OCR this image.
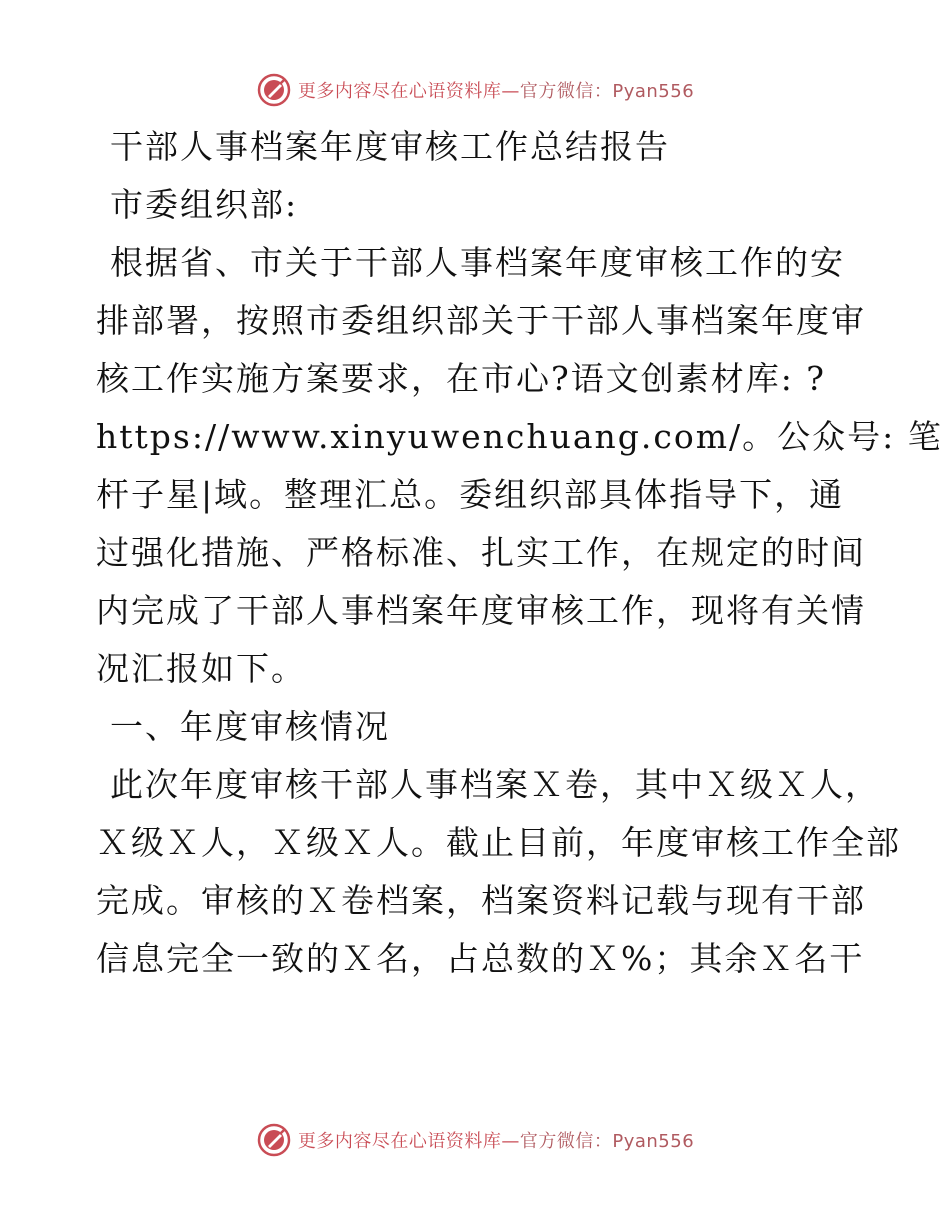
更多内容尽在心语资料库—官方微信：Pyan556
干部人事档案年度审核工作总结报告
市委组织部:
根据省、市关于干部人事档案年度审核工作的安
排部署，按照市委组织部关于干部人事档案年度审
核工作实施方案要求，在市心?语文创素材库: ?
https://www.xinyuwenchuang.com/。公众号: 笔
杆子星|域。整理汇总。委组织部具体指导下，通
过强化措施、严格标准、扎实工作，在规定的时间
内完成了干部人事档案年度审核工作，现将有关情
况汇报如下。
一、年度审核情况
此次年度审核干部人事档案Ｘ卷，其中Ｘ级Ｘ人，
Ｘ级Ｘ人，Ｘ级Ｘ人。截止目前，年度审核工作全部
完成。审核的Ｘ卷档案，档案资料记载与现有干部
信息完全一致的Ｘ名，占总数的Ｘ%；其余Ｘ名干
更多内容尽在心语资料库—官方微信：Pyan556
